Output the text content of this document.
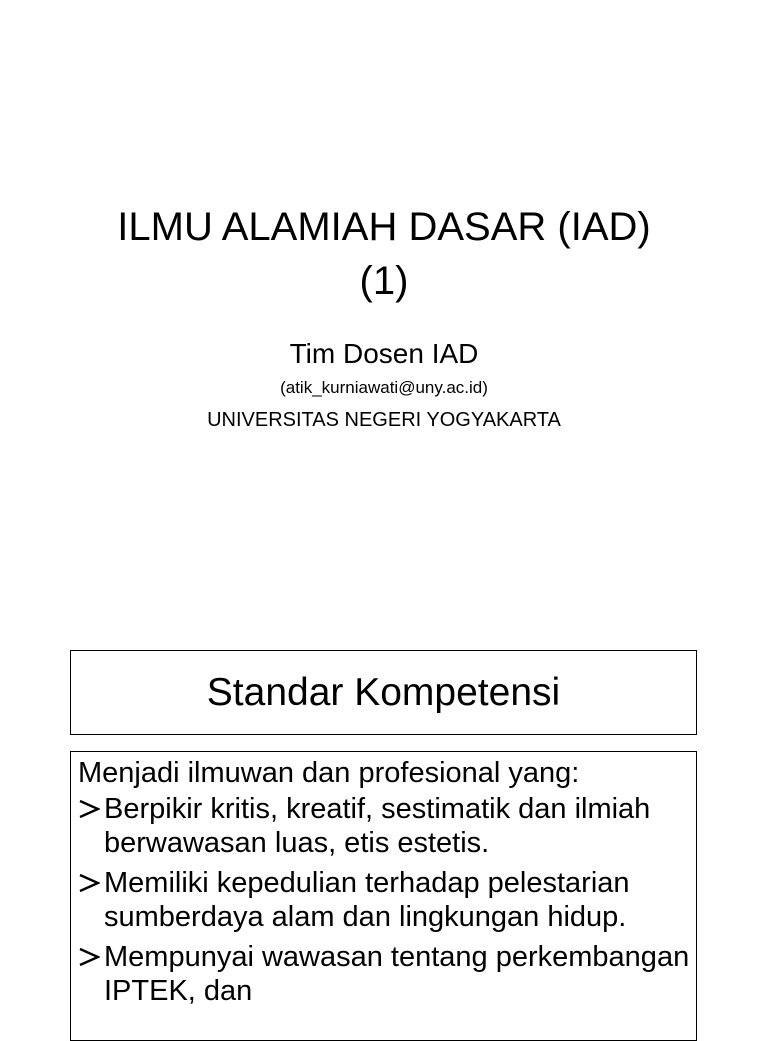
ILMU ALAMIAH DASAR (IAD)
(1)
Tim Dosen IAD
(atik_kurniawati@uny.ac.id)
UNIVERSITAS NEGERI YOGYAKARTA
Standar Kompetensi

Menjadi ilmuwan dan profesional yang:

Berpikir kritis, kreatif, sestimatik dan ilmiah berwawasan luas, etis estetis.
Memiliki kepedulian terhadap pelestarian sumberdaya alam dan lingkungan hidup.
Mempunyai wawasan tentang perkembangan IPTEK, dan
